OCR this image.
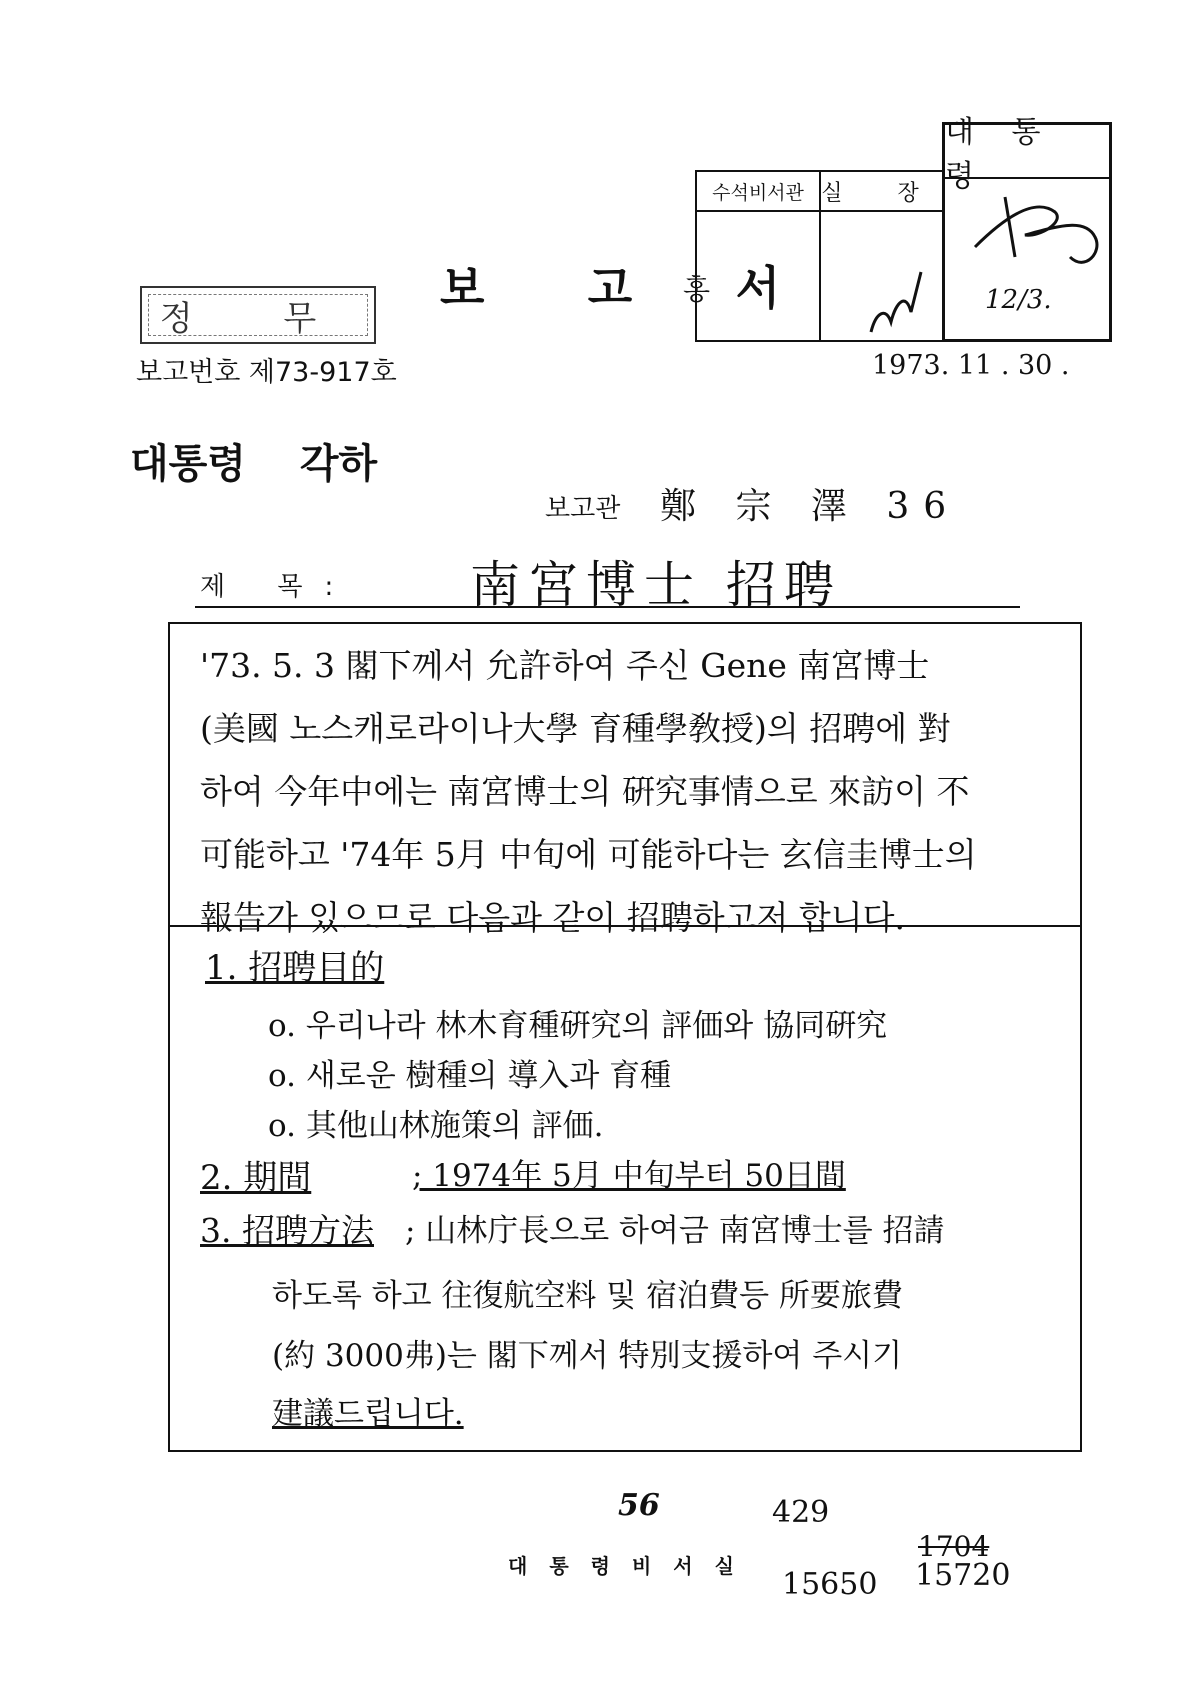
대 통 령
12/3.
수석비서관
홍
실 장
보 고 서
정 무
보고번호 제73-917호	1973. 11 . 30 .
대통령 각하
보고관 鄭 宗 澤 36
제 목: 南宮博士 招聘
'73. 5. 3 閣下께서 允許하여 주신 Gene 南宮博士
(美國 노스캐로라이나大學 育種學敎授)의 招聘에 對
하여 今年中에는 南宮博士의 硏究事情으로 來訪이 不
可能하고 '74年 5月 中旬에 可能하다는 玄信圭博士의
報告가 있으므로 다음과 같이 招聘하고저 합니다.
1. 招聘目的
o. 우리나라 林木育種硏究의 評価와 協同硏究
o. 새로운 樹種의 導入과 育種
o. 其他山林施策의 評価.
2. 期間	; 1974年 5月 中旬부터 50日間
3. 招聘方法 ; 山林庁長으로 하여금 南宮博士를 招請
하도록 하고 往復航空料 및 宿泊費등 所要旅費
(約 3000弗)는 閣下께서 特別支援하여 주시기
建議드립니다.
대통령비서실
56	429
15650
1704
15720
